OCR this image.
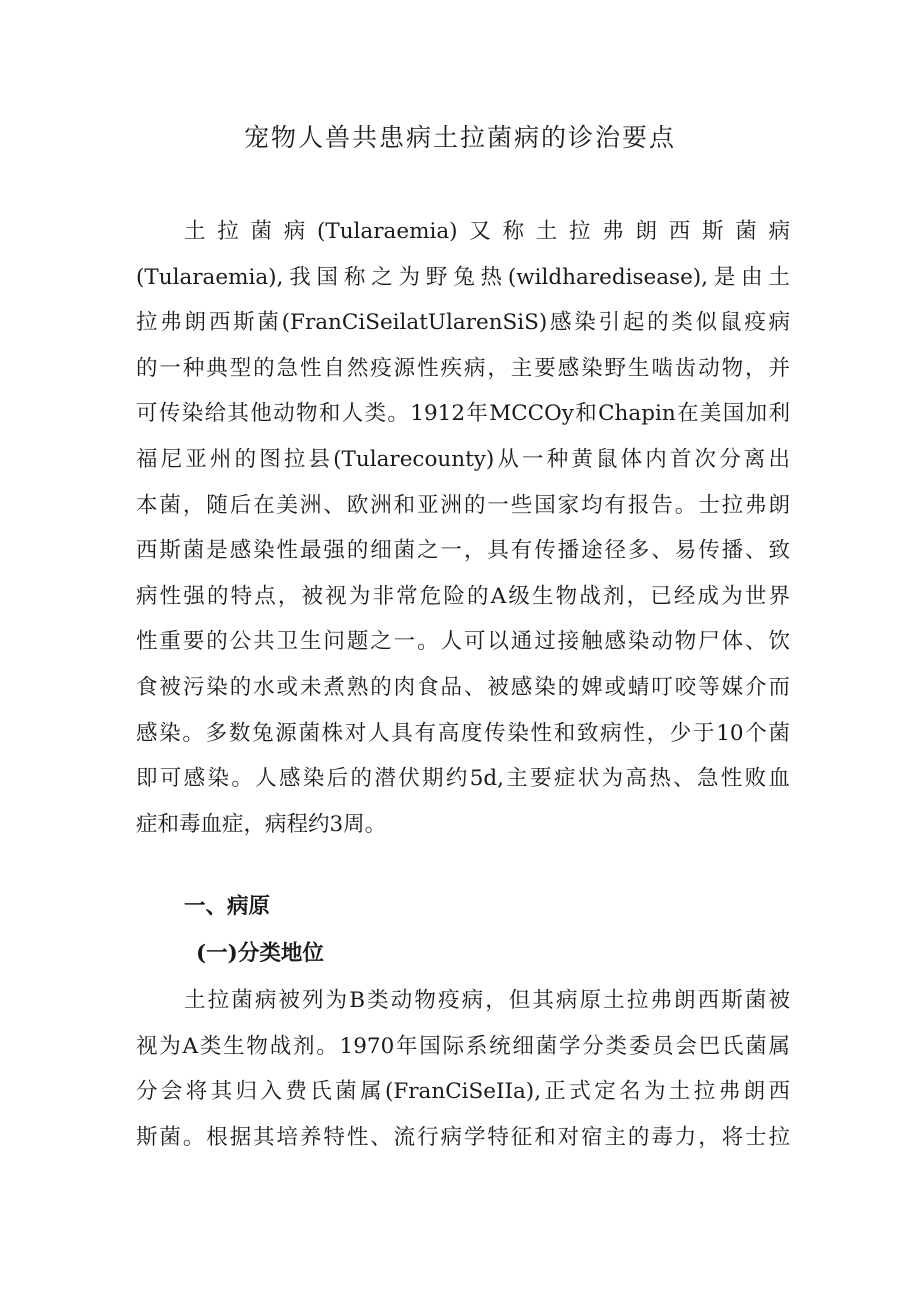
宠物人兽共患病土拉菌病的诊治要点
土拉菌病(Tularaemia)又称土拉弗朗西斯菌病
(Tularaemia),我国称之为野兔热(wildharedisease),是由土
拉弗朗西斯菌(FranCiSeilatUlarenSiS)感染引起的类似鼠疫病
的一种典型的急性自然疫源性疾病，主要感染野生啮齿动物，并
可传染给其他动物和人类。1912年MCCOy和Chapin在美国加利
福尼亚州的图拉县(Tularecounty)从一种黄鼠体内首次分离出
本菌，随后在美洲、欧洲和亚洲的一些国家均有报告。士拉弗朗
西斯菌是感染性最强的细菌之一，具有传播途径多、易传播、致
病性强的特点，被视为非常危险的A级生物战剂，已经成为世界
性重要的公共卫生问题之一。人可以通过接触感染动物尸体、饮
食被污染的水或未煮熟的肉食品、被感染的婢或蜻叮咬等媒介而
感染。多数兔源菌株对人具有高度传染性和致病性，少于10个菌
即可感染。人感染后的潜伏期约5d,主要症状为高热、急性败血
症和毒血症，病程约3周。
一、病原
(一)分类地位
土拉菌病被列为B类动物疫病，但其病原土拉弗朗西斯菌被
视为A类生物战剂。1970年国际系统细菌学分类委员会巴氏菌属
分会将其归入费氏菌属(FranCiSeIIa),正式定名为土拉弗朗西
斯菌。根据其培养特性、流行病学特征和对宿主的毒力，将士拉
